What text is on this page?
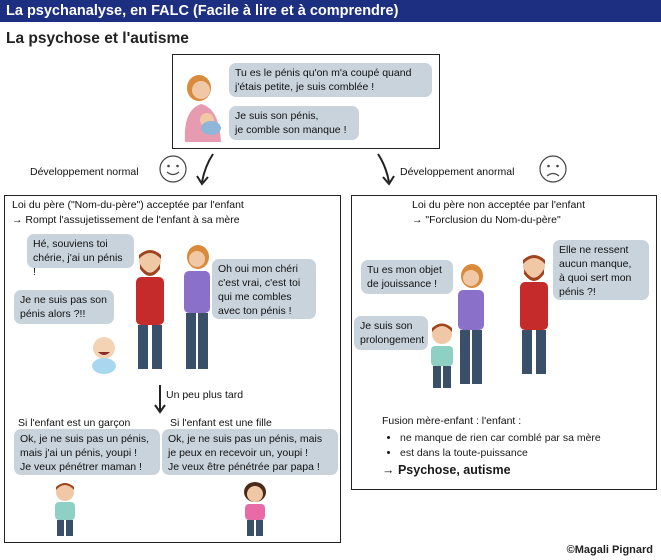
La psychanalyse, en FALC (Facile à lire et à comprendre)
La psychose et l'autisme
Tu es le pénis qu'on m'a coupé quand
j'étais petite, je suis comblée !
Je suis son pénis,
je comble son manque !
Développement normal	Développement anormal
Loi du père ("Nom-du-père") acceptée par l'enfant
→ Rompt l'assujetissement de l'enfant à sa mère
Hé, souviens toi
chérie, j'ai un pénis !	Oh oui mon chéri
c'est vrai, c'est toi
qui me combles
avec ton pénis !
Je ne suis pas son
pénis alors ?!!
Un peu plus tard
Si l'enfant est un garçon
Ok, je ne suis pas un pénis,
mais j'ai un pénis, youpi !
Je veux pénétrer maman !
Si l'enfant est une fille
Ok, je ne suis pas un pénis, mais
je peux en recevoir un, youpi !
Je veux être pénétrée par papa !
Loi du père non acceptée par l'enfant
→ "Forclusion du Nom-du-père"
Tu es mon objet
de jouissance !
Elle ne ressent
aucun manque,
à quoi sert mon
pénis ?!
Je suis son
prolongement
Fusion mère-enfant : l'enfant :
• ne manque de rien car comblé par sa mère
• est dans la toute-puissance
→ Psychose, autisme
©Magali Pignard
